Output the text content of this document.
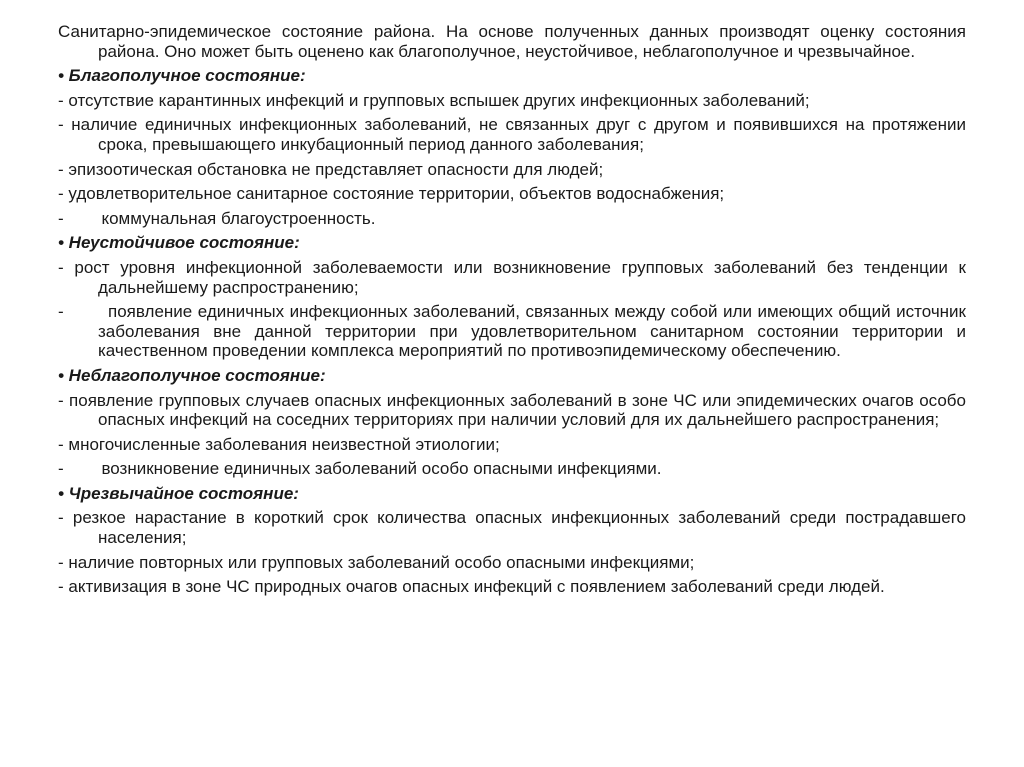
Санитарно-эпидемическое состояние района. На основе полученных данных производят оценку состояния района. Оно может быть оценено как благополучное, неустойчивое, неблагополучное и чрезвычайное.

• Благополучное состояние:

- отсутствие карантинных инфекций и групповых вспышек других инфекционных заболеваний;

- наличие единичных инфекционных заболеваний, не связанных друг с другом и появившихся на протяжении срока, превышающего инкубационный период данного заболевания;

- эпизоотическая обстановка не представляет опасности для людей;

- удовлетворительное санитарное состояние территории, объектов водоснабжения;

-        коммунальная благоустроенность.

• Неустойчивое состояние:

- рост уровня инфекционной заболеваемости или возникновение групповых заболеваний без тенденции к дальнейшему распространению;

-        появление единичных инфекционных заболеваний, связанных между собой или имеющих общий источник заболевания вне данной территории при удовлетворительном санитарном состоянии территории и качественном проведении комплекса мероприятий по противоэпидемическому обеспечению.

• Неблагополучное состояние:

- появление групповых случаев опасных инфекционных заболеваний в зоне ЧС или эпидемических очагов особо опасных инфекций на соседних территориях при наличии условий для их дальнейшего распространения;

- многочисленные заболевания неизвестной этиологии;

-        возникновение единичных заболеваний особо опасными инфекциями.

• Чрезвычайное состояние:

- резкое нарастание в короткий срок количества опасных инфекционных заболеваний среди пострадавшего населения;

- наличие повторных или групповых заболеваний особо опасными инфекциями;

- активизация в зоне ЧС природных очагов опасных инфекций с появлением заболеваний среди людей.
